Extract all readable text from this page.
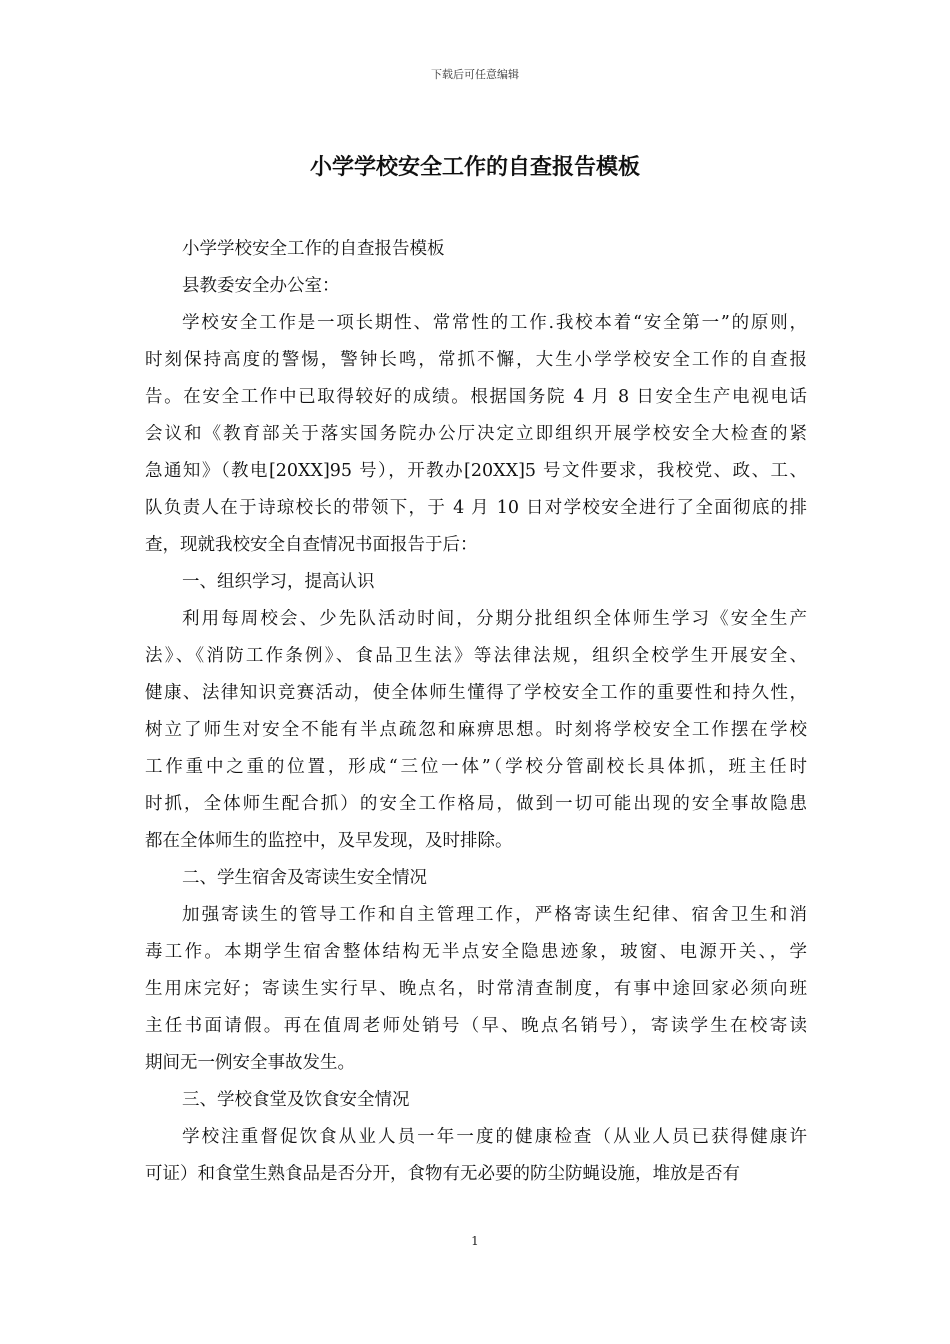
下载后可任意编辑
小学学校安全工作的自查报告模板
小学学校安全工作的自查报告模板
县教委安全办公室：
学校安全工作是一项长期性、常常性的工作.我校本着“安全第一”的原则，
时刻保持高度的警惕，警钟长鸣，常抓不懈，大生小学学校安全工作的自查报
告。在安全工作中已取得较好的成绩。根据国务院 4 月 8 日安全生产电视电话
会议和《教育部关于落实国务院办公厅决定立即组织开展学校安全大检查的紧
急通知》（教电[20XX]95 号），开教办[20XX]5 号文件要求，我校党、政、工、
队负责人在于诗琼校长的带领下，于 4 月 10 日对学校安全进行了全面彻底的排
查，现就我校安全自查情况书面报告于后：
一、组织学习，提高认识
利用每周校会、少先队活动时间，分期分批组织全体师生学习《安全生产
法》、《消防工作条例》、食品卫生法》等法律法规，组织全校学生开展安全、
健康、法律知识竞赛活动，使全体师生懂得了学校安全工作的重要性和持久性，
树立了师生对安全不能有半点疏忽和麻痹思想。时刻将学校安全工作摆在学校
工作重中之重的位置，形成“三位一体”（学校分管副校长具体抓，班主任时
时抓，全体师生配合抓）的安全工作格局，做到一切可能出现的安全事故隐患
都在全体师生的监控中，及早发现，及时排除。
二、学生宿舍及寄读生安全情况
加强寄读生的管导工作和自主管理工作，严格寄读生纪律、宿舍卫生和消
毒工作。本期学生宿舍整体结构无半点安全隐患迹象，玻窗、电源开关、，学
生用床完好；寄读生实行早、晚点名，时常清查制度，有事中途回家必须向班
主任书面请假。再在值周老师处销号（早、晚点名销号），寄读学生在校寄读
期间无一例安全事故发生。
三、学校食堂及饮食安全情况
学校注重督促饮食从业人员一年一度的健康检查（从业人员已获得健康许
可证）和食堂生熟食品是否分开，食物有无必要的防尘防蝇设施，堆放是否有
1
